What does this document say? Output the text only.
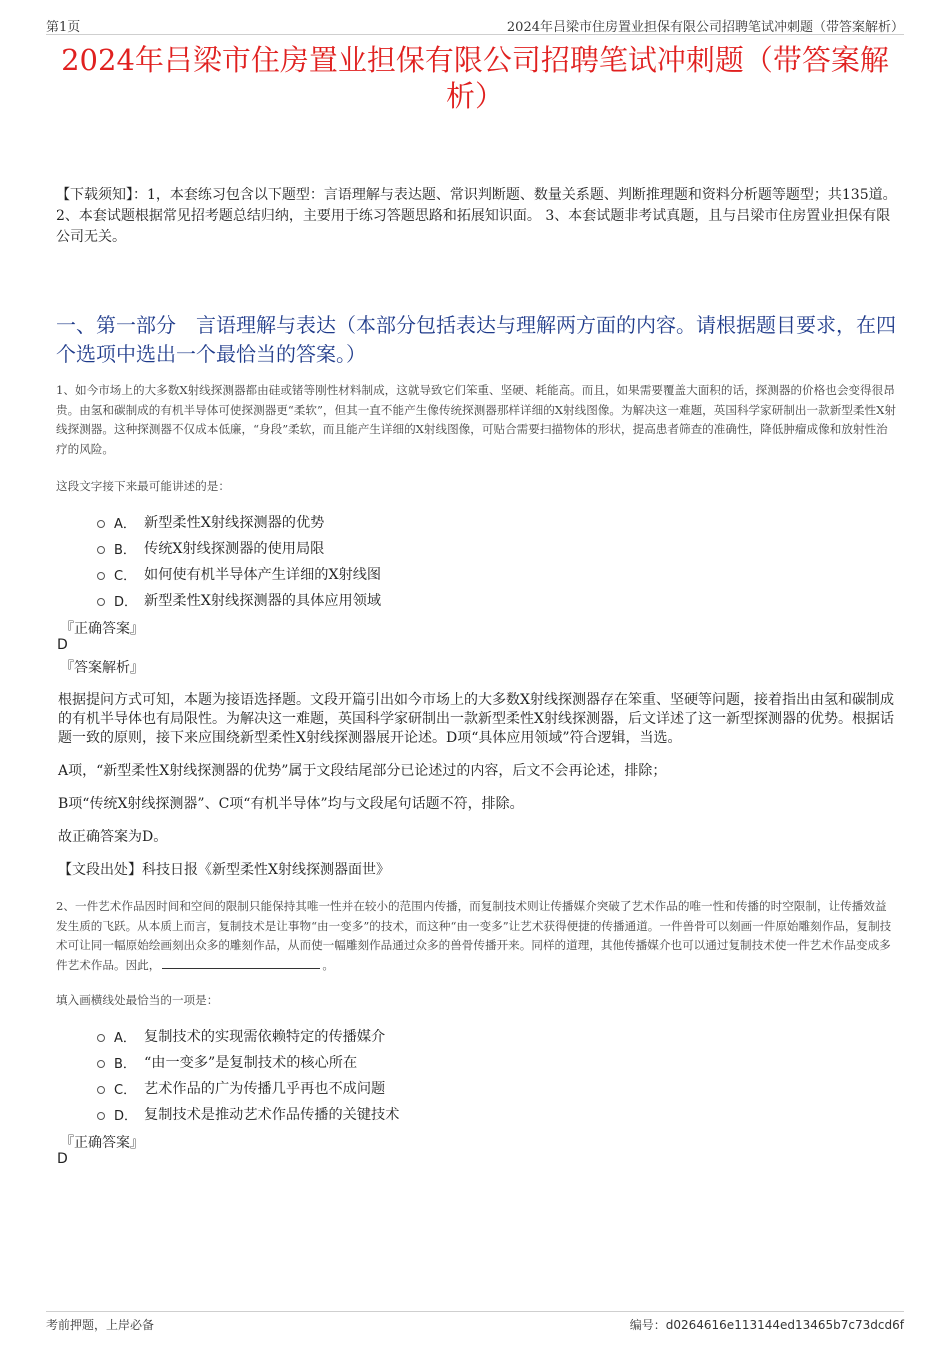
第1页	2024年吕梁市住房置业担保有限公司招聘笔试冲刺题（带答案解析）
2024年吕梁市住房置业担保有限公司招聘笔试冲刺题（带答案解析）
【下载须知】：1，本套练习包含以下题型：言语理解与表达题、常识判断题、数量关系题、判断推理题和资料分析题等题型；共135道。 2、本套试题根据常见招考题总结归纳，主要用于练习答题思路和拓展知识面。 3、本套试题非考试真题，且与吕梁市住房置业担保有限公司无关。
一、第一部分　言语理解与表达（本部分包括表达与理解两方面的内容。请根据题目要求，在四个选项中选出一个最恰当的答案。）
1、如今市场上的大多数X射线探测器都由硅或锗等刚性材料制成，这就导致它们笨重、坚硬、耗能高。而且，如果需要覆盖大面积的话，探测器的价格也会变得很昂贵。由氢和碳制成的有机半导体可使探测器更“柔软”，但其一直不能产生像传统探测器那样详细的X射线图像。为解决这一难题，英国科学家研制出一款新型柔性X射线探测器。这种探测器不仅成本低廉，“身段”柔软，而且能产生详细的X射线图像，可贴合需要扫描物体的形状，提高患者筛查的准确性，降低肿瘤成像和放射性治疗的风险。
这段文字接下来最可能讲述的是：
A． 新型柔性X射线探测器的优势
B． 传统X射线探测器的使用局限
C． 如何使有机半导体产生详细的X射线图
D． 新型柔性X射线探测器的具体应用领域
『正确答案』
D
『答案解析』
根据提问方式可知，本题为接语选择题。文段开篇引出如今市场上的大多数X射线探测器存在笨重、坚硬等问题，接着指出由氢和碳制成的有机半导体也有局限性。为解决这一难题，英国科学家研制出一款新型柔性X射线探测器，后文详述了这一新型探测器的优势。根据话题一致的原则，接下来应围绕新型柔性X射线探测器展开论述。D项“具体应用领域”符合逻辑，当选。
A项，“新型柔性X射线探测器的优势”属于文段结尾部分已论述过的内容，后文不会再论述，排除；
B项“传统X射线探测器”、C项“有机半导体”均与文段尾句话题不符，排除。
故正确答案为D。
【文段出处】科技日报《新型柔性X射线探测器面世》
2、一件艺术作品因时间和空间的限制只能保持其唯一性并在较小的范围内传播，而复制技术则让传播媒介突破了艺术作品的唯一性和传播的时空限制，让传播效益发生质的飞跃。从本质上而言，复制技术是让事物“由一变多”的技术，而这种“由一变多”让艺术获得便捷的传播通道。一件兽骨可以刻画一件原始雕刻作品，复制技术可让同一幅原始绘画刻出众多的雕刻作品，从而使一幅雕刻作品通过众多的兽骨传播开来。同样的道理，其他传播媒介也可以通过复制技术使一件艺术作品变成多件艺术作品。因此，	。
填入画横线处最恰当的一项是：
A． 复制技术的实现需依赖特定的传播媒介
B． “由一变多”是复制技术的核心所在
C． 艺术作品的广为传播几乎再也不成问题
D． 复制技术是推动艺术作品传播的关键技术
『正确答案』
D
考前押题，上岸必备	编号：d0264616e113144ed13465b7c73dcd6f
